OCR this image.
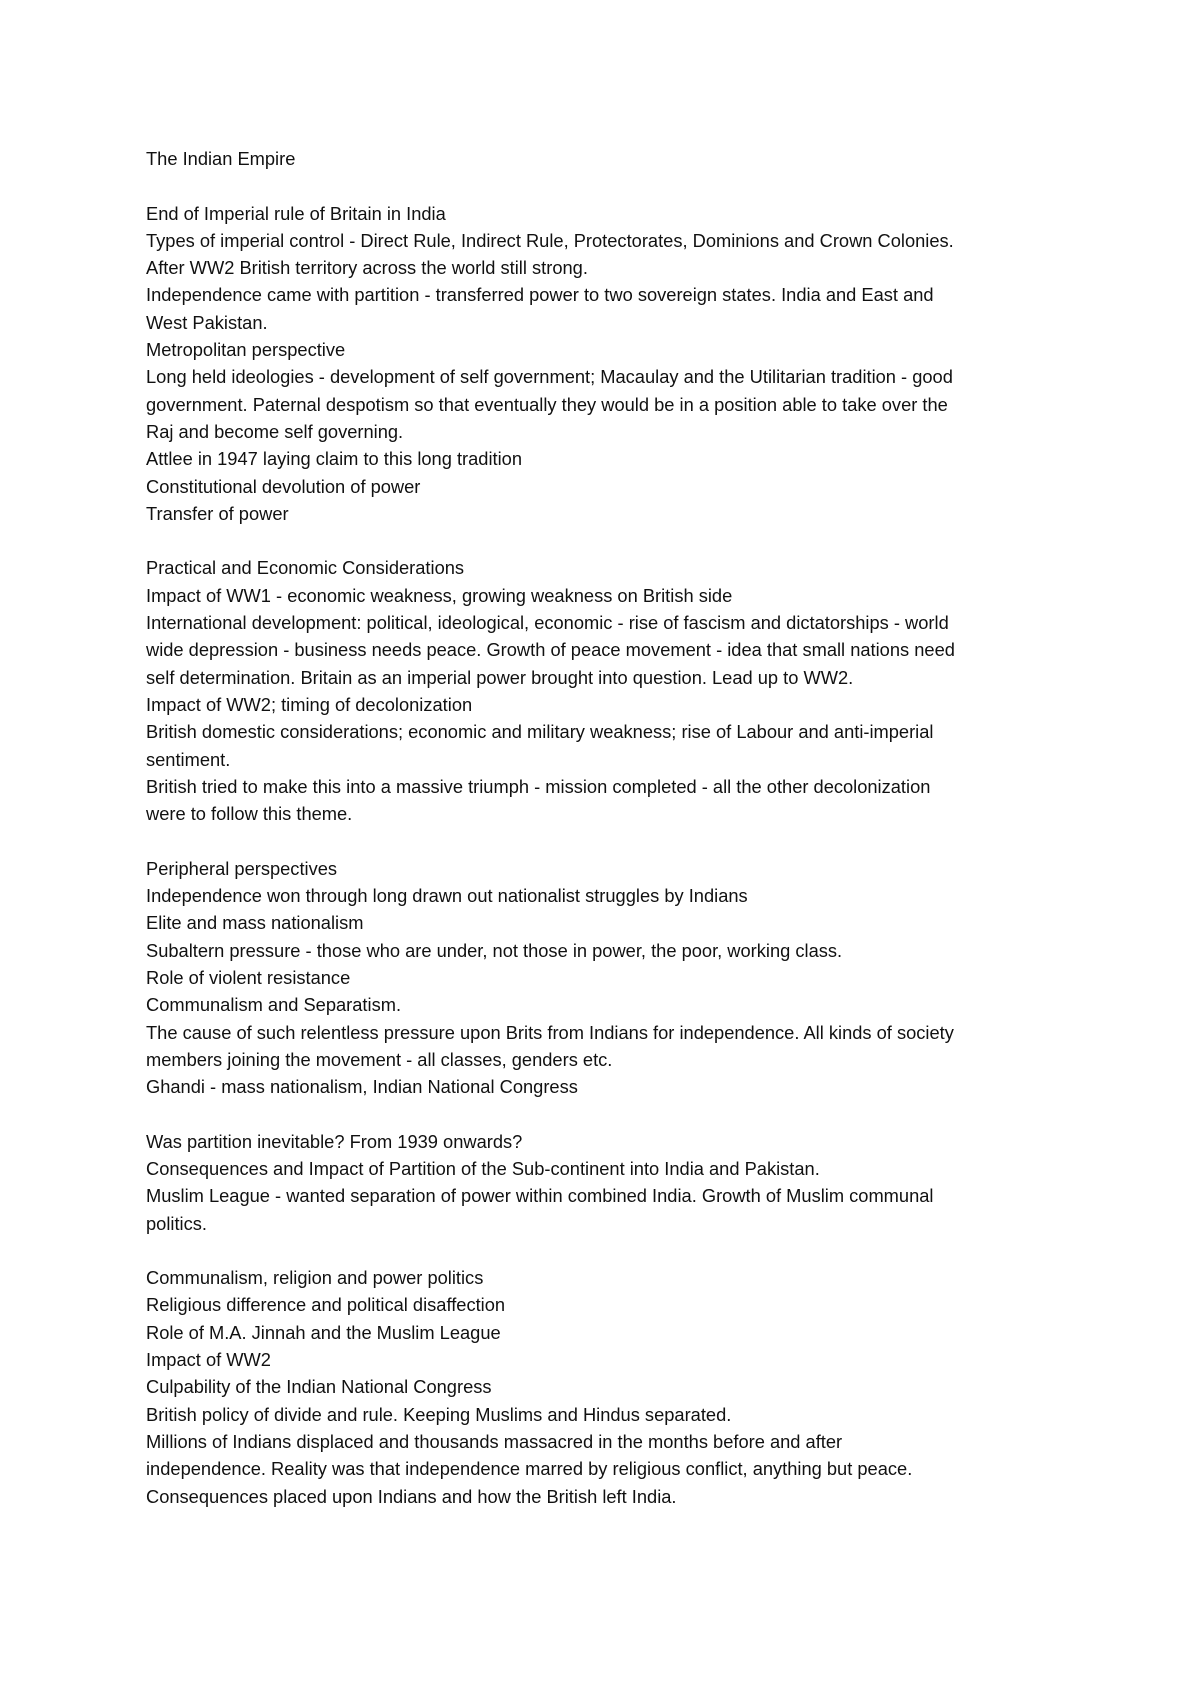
The Indian Empire
End of Imperial rule of Britain in India
Types of imperial control - Direct Rule, Indirect Rule, Protectorates, Dominions and Crown Colonies.
After WW2 British territory across the world still strong.
Independence came with partition - transferred power to two sovereign states. India and East and
West Pakistan.
Metropolitan perspective
Long held ideologies - development of self government; Macaulay and the Utilitarian tradition - good
government. Paternal despotism so that eventually they would be in a position able to take over the
Raj and become self governing.
Attlee in 1947 laying claim to this long tradition
Constitutional devolution of power
Transfer of power
Practical and Economic Considerations
Impact of WW1 - economic weakness, growing weakness on British side
International development: political, ideological, economic - rise of fascism and dictatorships - world
wide depression - business needs peace. Growth of peace movement - idea that small nations need
self determination. Britain as an imperial power brought into question. Lead up to WW2.
Impact of WW2; timing of decolonization
British domestic considerations; economic and military weakness; rise of Labour and anti-imperial
sentiment.
British tried to make this into a massive triumph - mission completed - all the other decolonization
were to follow this theme.
Peripheral perspectives
Independence won through long drawn out nationalist struggles by Indians
Elite and mass nationalism
Subaltern pressure - those who are under, not those in power, the poor, working class.
Role of violent resistance
Communalism and Separatism.
The cause of such relentless pressure upon Brits from Indians for independence. All kinds of society
members joining the movement - all classes, genders etc.
Ghandi - mass nationalism, Indian National Congress
Was partition inevitable? From 1939 onwards?
Consequences and Impact of Partition of the Sub-continent into India and Pakistan.
Muslim League - wanted separation of power within combined India. Growth of Muslim communal
politics.
Communalism, religion and power politics
Religious difference and political disaffection
Role of M.A. Jinnah and the Muslim League
Impact of WW2
Culpability of the Indian National Congress
British policy of divide and rule. Keeping Muslims and Hindus separated.
Millions of Indians displaced and thousands massacred in the months before and after
independence. Reality was that independence marred by religious conflict, anything but peace.
Consequences placed upon Indians and how the British left India.
